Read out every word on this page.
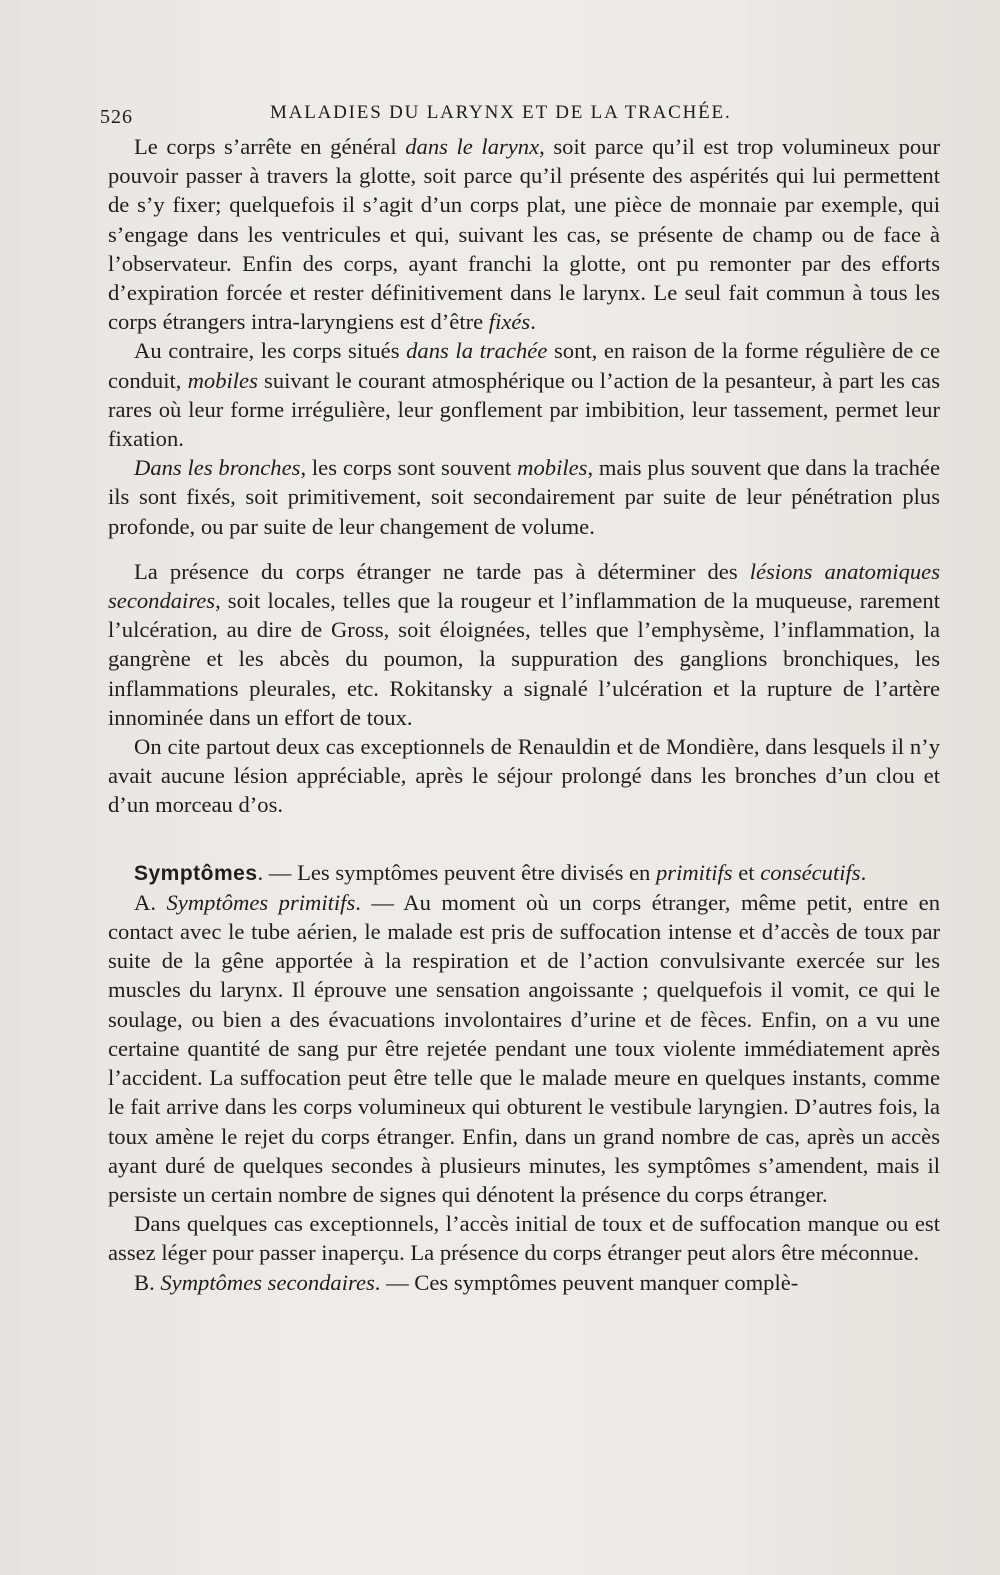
526	MALADIES DU LARYNX ET DE LA TRACHÉE.

Le corps s’arrête en général dans le larynx, soit parce qu’il est trop volumineux pour pouvoir passer à travers la glotte, soit parce qu’il présente des aspérités qui lui permettent de s’y fixer; quelquefois il s’agit d’un corps plat, une pièce de monnaie par exemple, qui s’engage dans les ventricules et qui, suivant les cas, se présente de champ ou de face à l’observateur. Enfin des corps, ayant franchi la glotte, ont pu remonter par des efforts d’expiration forcée et rester définitivement dans le larynx. Le seul fait commun à tous les corps étrangers intra-laryngiens est d’être fixés.

Au contraire, les corps situés dans la trachée sont, en raison de la forme régulière de ce conduit, mobiles suivant le courant atmosphérique ou l’action de la pesanteur, à part les cas rares où leur forme irrégulière, leur gonflement par imbibition, leur tassement, permet leur fixation.

Dans les bronches, les corps sont souvent mobiles, mais plus souvent que dans la trachée ils sont fixés, soit primitivement, soit secondairement par suite de leur pénétration plus profonde, ou par suite de leur changement de volume.

La présence du corps étranger ne tarde pas à déterminer des lésions anatomiques secondaires, soit locales, telles que la rougeur et l’inflammation de la muqueuse, rarement l’ulcération, au dire de Gross, soit éloignées, telles que l’emphysème, l’inflammation, la gangrène et les abcès du poumon, la suppuration des ganglions bronchiques, les inflammations pleurales, etc. Rokitansky a signalé l’ulcération et la rupture de l’artère innominée dans un effort de toux.

On cite partout deux cas exceptionnels de Renauldin et de Mondière, dans lesquels il n’y avait aucune lésion appréciable, après le séjour prolongé dans les bronches d’un clou et d’un morceau d’os.

Symptômes. — Les symptômes peuvent être divisés en primitifs et consécutifs.

A. Symptômes primitifs. — Au moment où un corps étranger, même petit, entre en contact avec le tube aérien, le malade est pris de suffocation intense et d’accès de toux par suite de la gêne apportée à la respiration et de l’action convulsivante exercée sur les muscles du larynx. Il éprouve une sensation angoissante ; quelquefois il vomit, ce qui le soulage, ou bien a des évacuations involontaires d’urine et de fèces. Enfin, on a vu une certaine quantité de sang pur être rejetée pendant une toux violente immédiatement après l’accident. La suffocation peut être telle que le malade meure en quelques instants, comme le fait arrive dans les corps volumineux qui obturent le vestibule laryngien. D’autres fois, la toux amène le rejet du corps étranger. Enfin, dans un grand nombre de cas, après un accès ayant duré de quelques secondes à plusieurs minutes, les symptômes s’amendent, mais il persiste un certain nombre de signes qui dénotent la présence du corps étranger.

Dans quelques cas exceptionnels, l’accès initial de toux et de suffocation manque ou est assez léger pour passer inaperçu. La présence du corps étranger peut alors être méconnue.

B. Symptômes secondaires. — Ces symptômes peuvent manquer complè-
